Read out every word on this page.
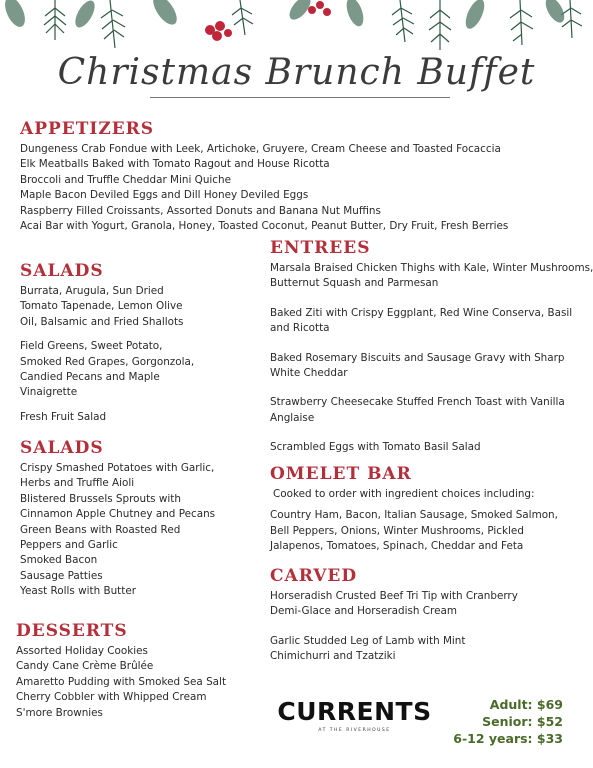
Christmas Brunch Buffet
APPETIZERS

Dungeness Crab Fondue with Leek, Artichoke, Gruyere, Cream Cheese and Toasted Focaccia

Elk Meatballs Baked with Tomato Ragout and House Ricotta

Broccoli and Truffle Cheddar Mini Quiche

Maple Bacon Deviled Eggs and Dill Honey Deviled Eggs

Raspberry Filled Croissants, Assorted Donuts and Banana Nut Muffins

Acai Bar with Yogurt, Granola, Honey, Toasted Coconut, Peanut Butter, Dry Fruit, Fresh Berries

SALADS

Burrata, Arugula, Sun Dried

Tomato Tapenade, Lemon Olive

Oil, Balsamic and Fried Shallots

Field Greens, Sweet Potato,

Smoked Red Grapes, Gorgonzola,

Candied Pecans and Maple

Vinaigrette

Fresh Fruit Salad

SALADS

Crispy Smashed Potatoes with Garlic,

Herbs and Truffle Aioli

Blistered Brussels Sprouts with

Cinnamon Apple Chutney and Pecans

Green Beans with Roasted Red

Peppers and Garlic

Smoked Bacon

Sausage Patties

Yeast Rolls with Butter

DESSERTS

Assorted Holiday Cookies

Candy Cane Crème Brûlée

Amaretto Pudding with Smoked Sea Salt

Cherry Cobbler with Whipped Cream

S'more Brownies

ENTREES

Marsala Braised Chicken Thighs with Kale, Winter Mushrooms,

Butternut Squash and Parmesan

Baked Ziti with Crispy Eggplant, Red Wine Conserva, Basil

and Ricotta

Baked Rosemary Biscuits and Sausage Gravy with Sharp

White Cheddar

Strawberry Cheesecake Stuffed French Toast with Vanilla

Anglaise

Scrambled Eggs with Tomato Basil Salad

OMELET BAR

Cooked to order with ingredient choices including:

Country Ham, Bacon, Italian Sausage, Smoked Salmon,

Bell Peppers, Onions, Winter Mushrooms, Pickled

Jalapenos, Tomatoes, Spinach, Cheddar and Feta

CARVED

Horseradish Crusted Beef Tri Tip with Cranberry

Demi-Glace and Horseradish Cream

Garlic Studded Leg of Lamb with Mint

Chimichurri and Tzatziki

CURRENTS
AT THE RIVERHOUSE

Adult: $69

Senior: $52

6-12 years: $33
